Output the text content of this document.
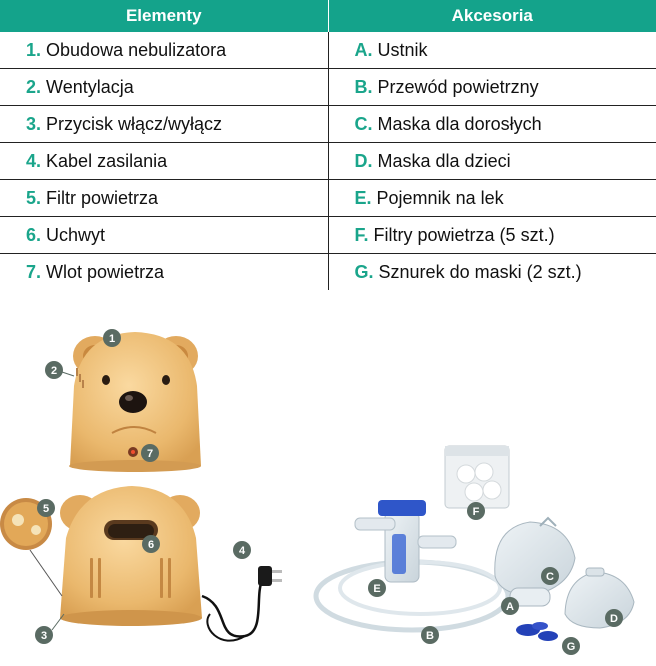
Elementy	Akcesoria
1. Obudowa nebulizatora	A. Ustnik
2. Wentylacja	B. Przewód powietrzny
3. Przycisk włącz/wyłącz	C. Maska dla dorosłych
4. Kabel zasilania	D. Maska dla dzieci
5. Filtr powietrza	E. Pojemnik na lek
6. Uchwyt	F. Filtry powietrza (5 szt.)
7. Wlot powietrza	G. Sznurek do maski (2 szt.)
1
2
7
5
6	4
3
F
E
C
A
D
B
G
